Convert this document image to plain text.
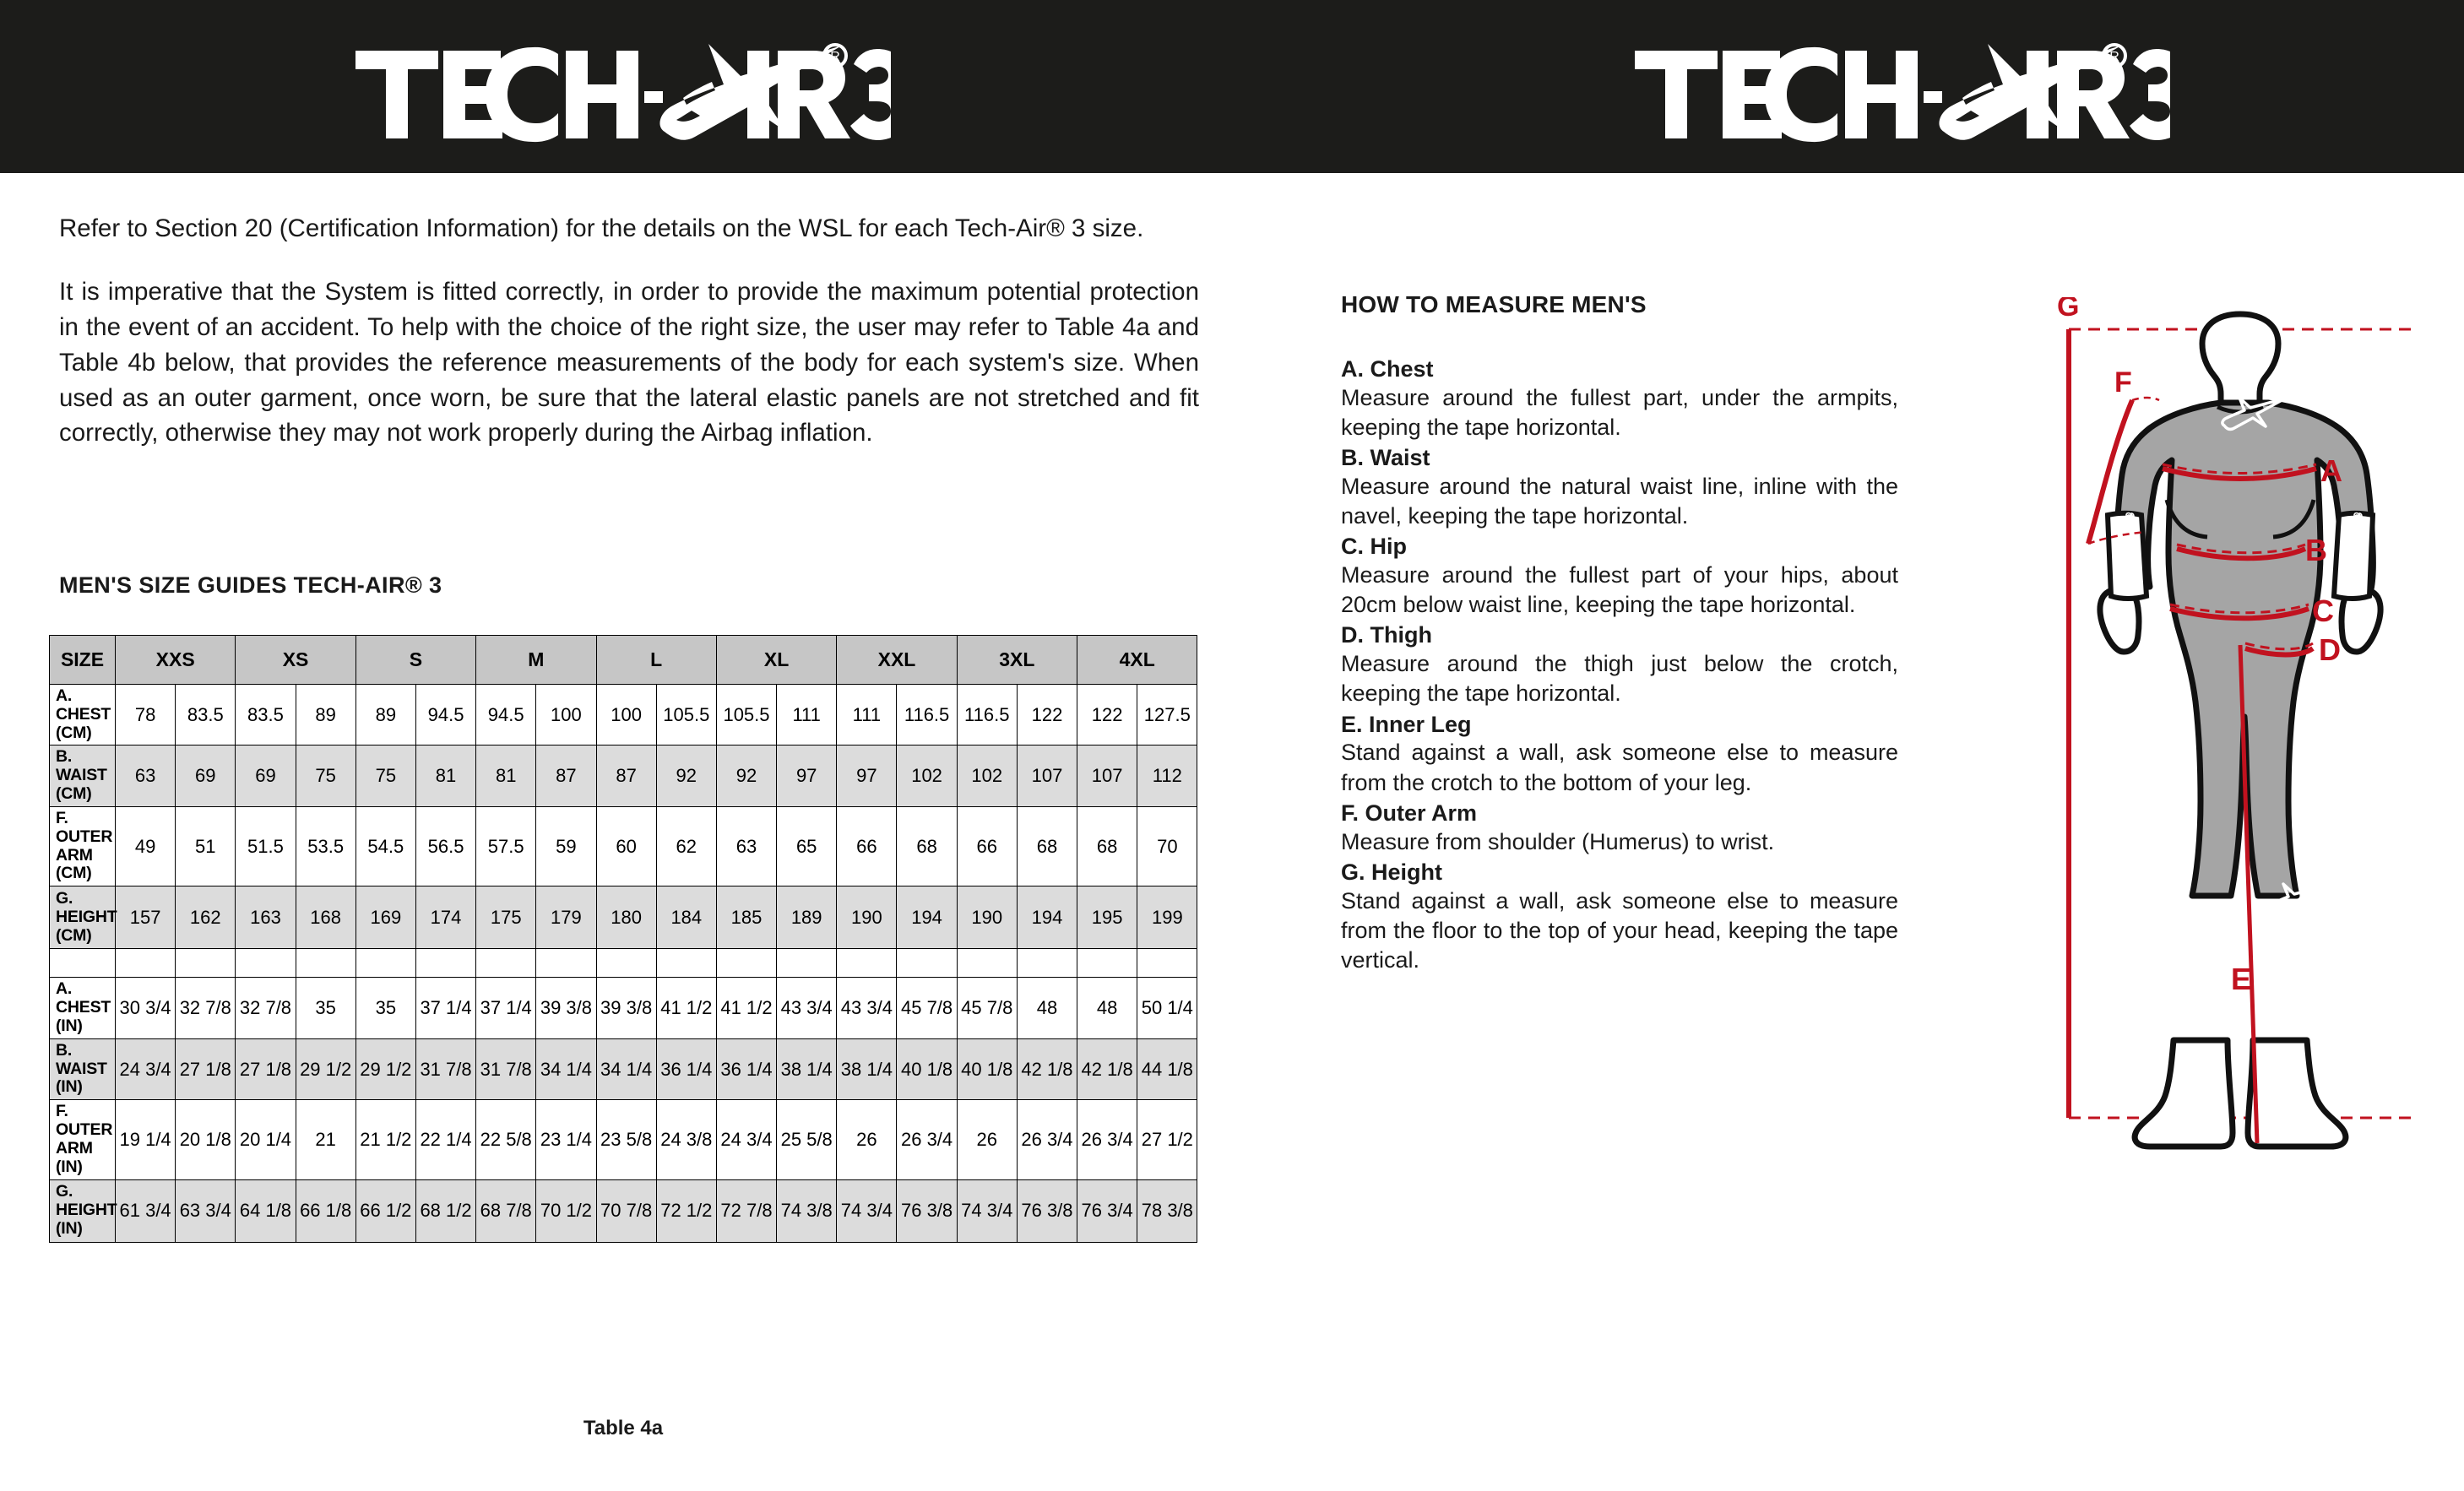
R	R

Refer to Section 20 (Certification Information) for the details on the WSL for each Tech-Air® 3 size.

It is imperative that the System is fitted correctly, in order to provide the maximum potential protection in the event of an accident. To help with the choice of the right size, the user may refer to Table 4a and Table 4b below, that provides the reference measurements of the body for each system's size. When used as an outer garment, once worn, be sure that the lateral elastic panels are not stretched and fit correctly, otherwise they may not work properly during the Airbag inflation.

MEN'S SIZE GUIDES TECH-AIR® 3
SIZE	XXS		XS		S		M		L		XL		XXL		3XL		4XL	
A. CHEST
(CM)	78	83.5	83.5	89	89	94.5	94.5	100	100	105.5	105.5	111	111	116.5	116.5	122	122	127.5
B. WAIST
(CM)	63	69	69	75	75	81	81	87	87	92	92	97	97	102	102	107	107	112
F. OUTER
ARM
(CM)	49	51	51.5	53.5	54.5	56.5	57.5	59	60	62	63	65	66	68	66	68	68	70
G.
HEIGHT
(CM)	157	162	163	168	169	174	175	179	180	184	185	189	190	194	190	194	195	199

A. CHEST
(IN)	30 3/4	32 7/8	32 7/8	35	35	37 1/4	37 1/4	39 3/8	39 3/8	41 1/2	41 1/2	43 3/4	43 3/4	45 7/8	45 7/8	48	48	50 1/4
B. WAIST
(IN)	24 3/4	27 1/8	27 1/8	29 1/2	29 1/2	31 7/8	31 7/8	34 1/4	34 1/4	36 1/4	36 1/4	38 1/4	38 1/4	40 1/8	40 1/8	42 1/8	42 1/8	44 1/8
F. OUTER
ARM
(IN)	19 1/4	20 1/8	20 1/4	21	21 1/2	22 1/4	22 5/8	23 1/4	23 5/8	24 3/8	24 3/4	25 5/8	26	26 3/4	26	26 3/4	26 3/4	27 1/2
G.
HEIGHT
(IN)	61 3/4	63 3/4	64 1/8	66 1/8	66 1/2	68 1/2	68 7/8	70 1/2	70 7/8	72 1/2	72 7/8	74 3/8	74 3/4	76 3/8	74 3/4	76 3/8	76 3/4	78 3/8
Table 4a
HOW TO MEASURE MEN'S
A. Chest
Measure around the fullest part, under the armpits, keeping the tape horizontal.
B. Waist
Measure around the natural waist line, inline with the navel, keeping the tape horizontal.
C. Hip
Measure around the fullest part of your hips, about 20cm below waist line, keeping the tape horizontal.
D. Thigh
Measure around the thigh just below the crotch, keeping the tape horizontal.
E. Inner Leg
Stand against a wall, ask someone else to measure from the crotch to the bottom of your leg.
F. Outer Arm
Measure from shoulder (Humerus) to wrist.
G. Height
Stand against a wall, ask someone else to measure from the floor to the top of your head, keeping the tape vertical.
alpinestars	alpinestars
G
F
A
B
C
D
E
